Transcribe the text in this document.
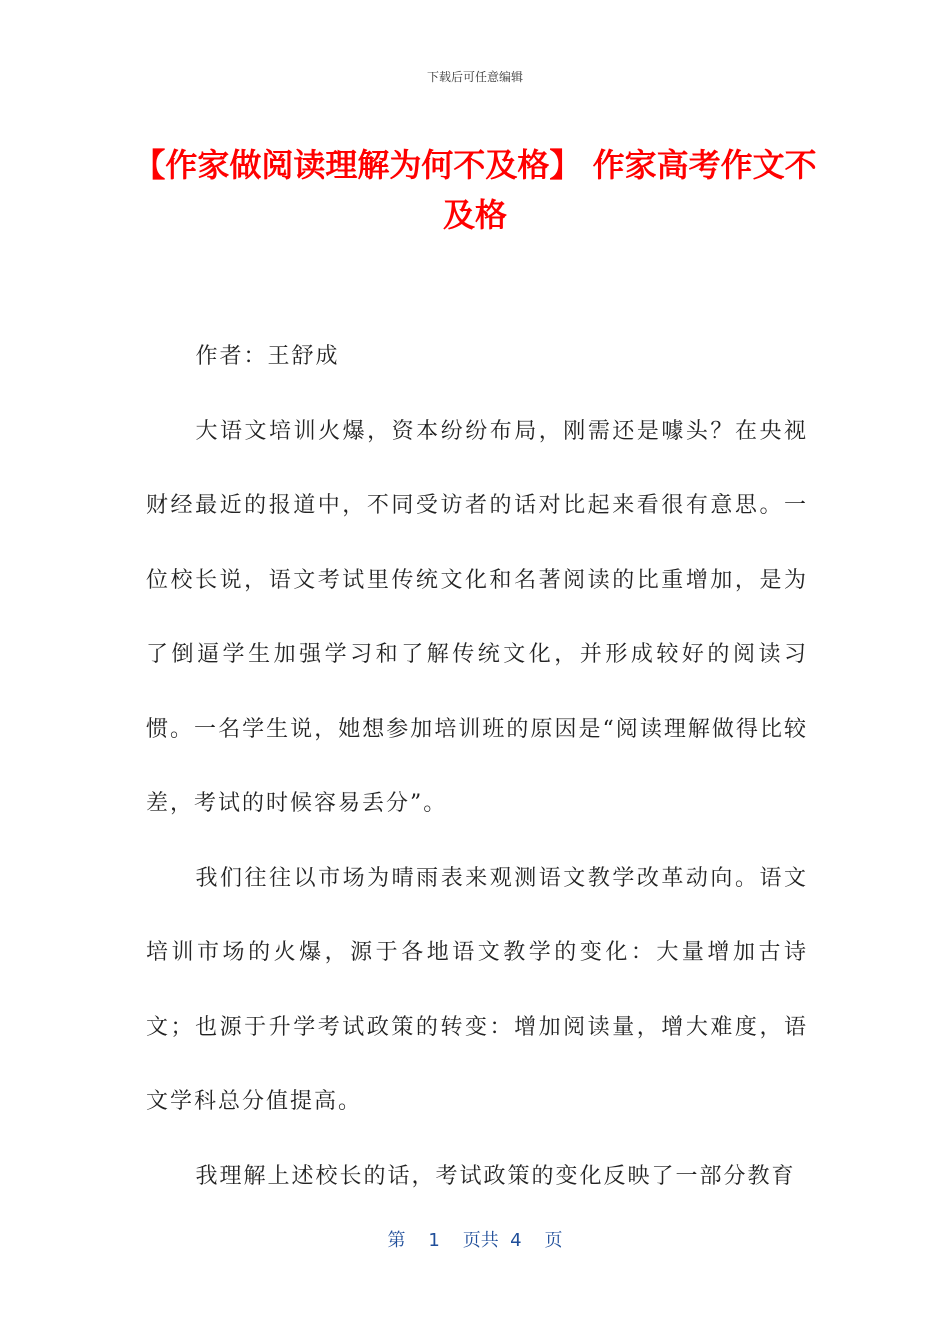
下载后可任意编辑
【作家做阅读理解为何不及格】 作家高考作文不及格

作者：王舒成

大语文培训火爆，资本纷纷布局，刚需还是噱头？在央视财经最近的报道中，不同受访者的话对比起来看很有意思。一位校长说，语文考试里传统文化和名著阅读的比重增加，是为了倒逼学生加强学习和了解传统文化，并形成较好的阅读习惯。一名学生说，她想参加培训班的原因是“阅读理解做得比较差，考试的时候容易丢分”。

我们往往以市场为晴雨表来观测语文教学改革动向。语文培训市场的火爆，源于各地语文教学的变化：大量增加古诗文；也源于升学考试政策的转变：增加阅读量，增大难度，语文学科总分值提高。

我理解上述校长的话，考试政策的变化反映了一部分教育

第 1 页共 4 页
